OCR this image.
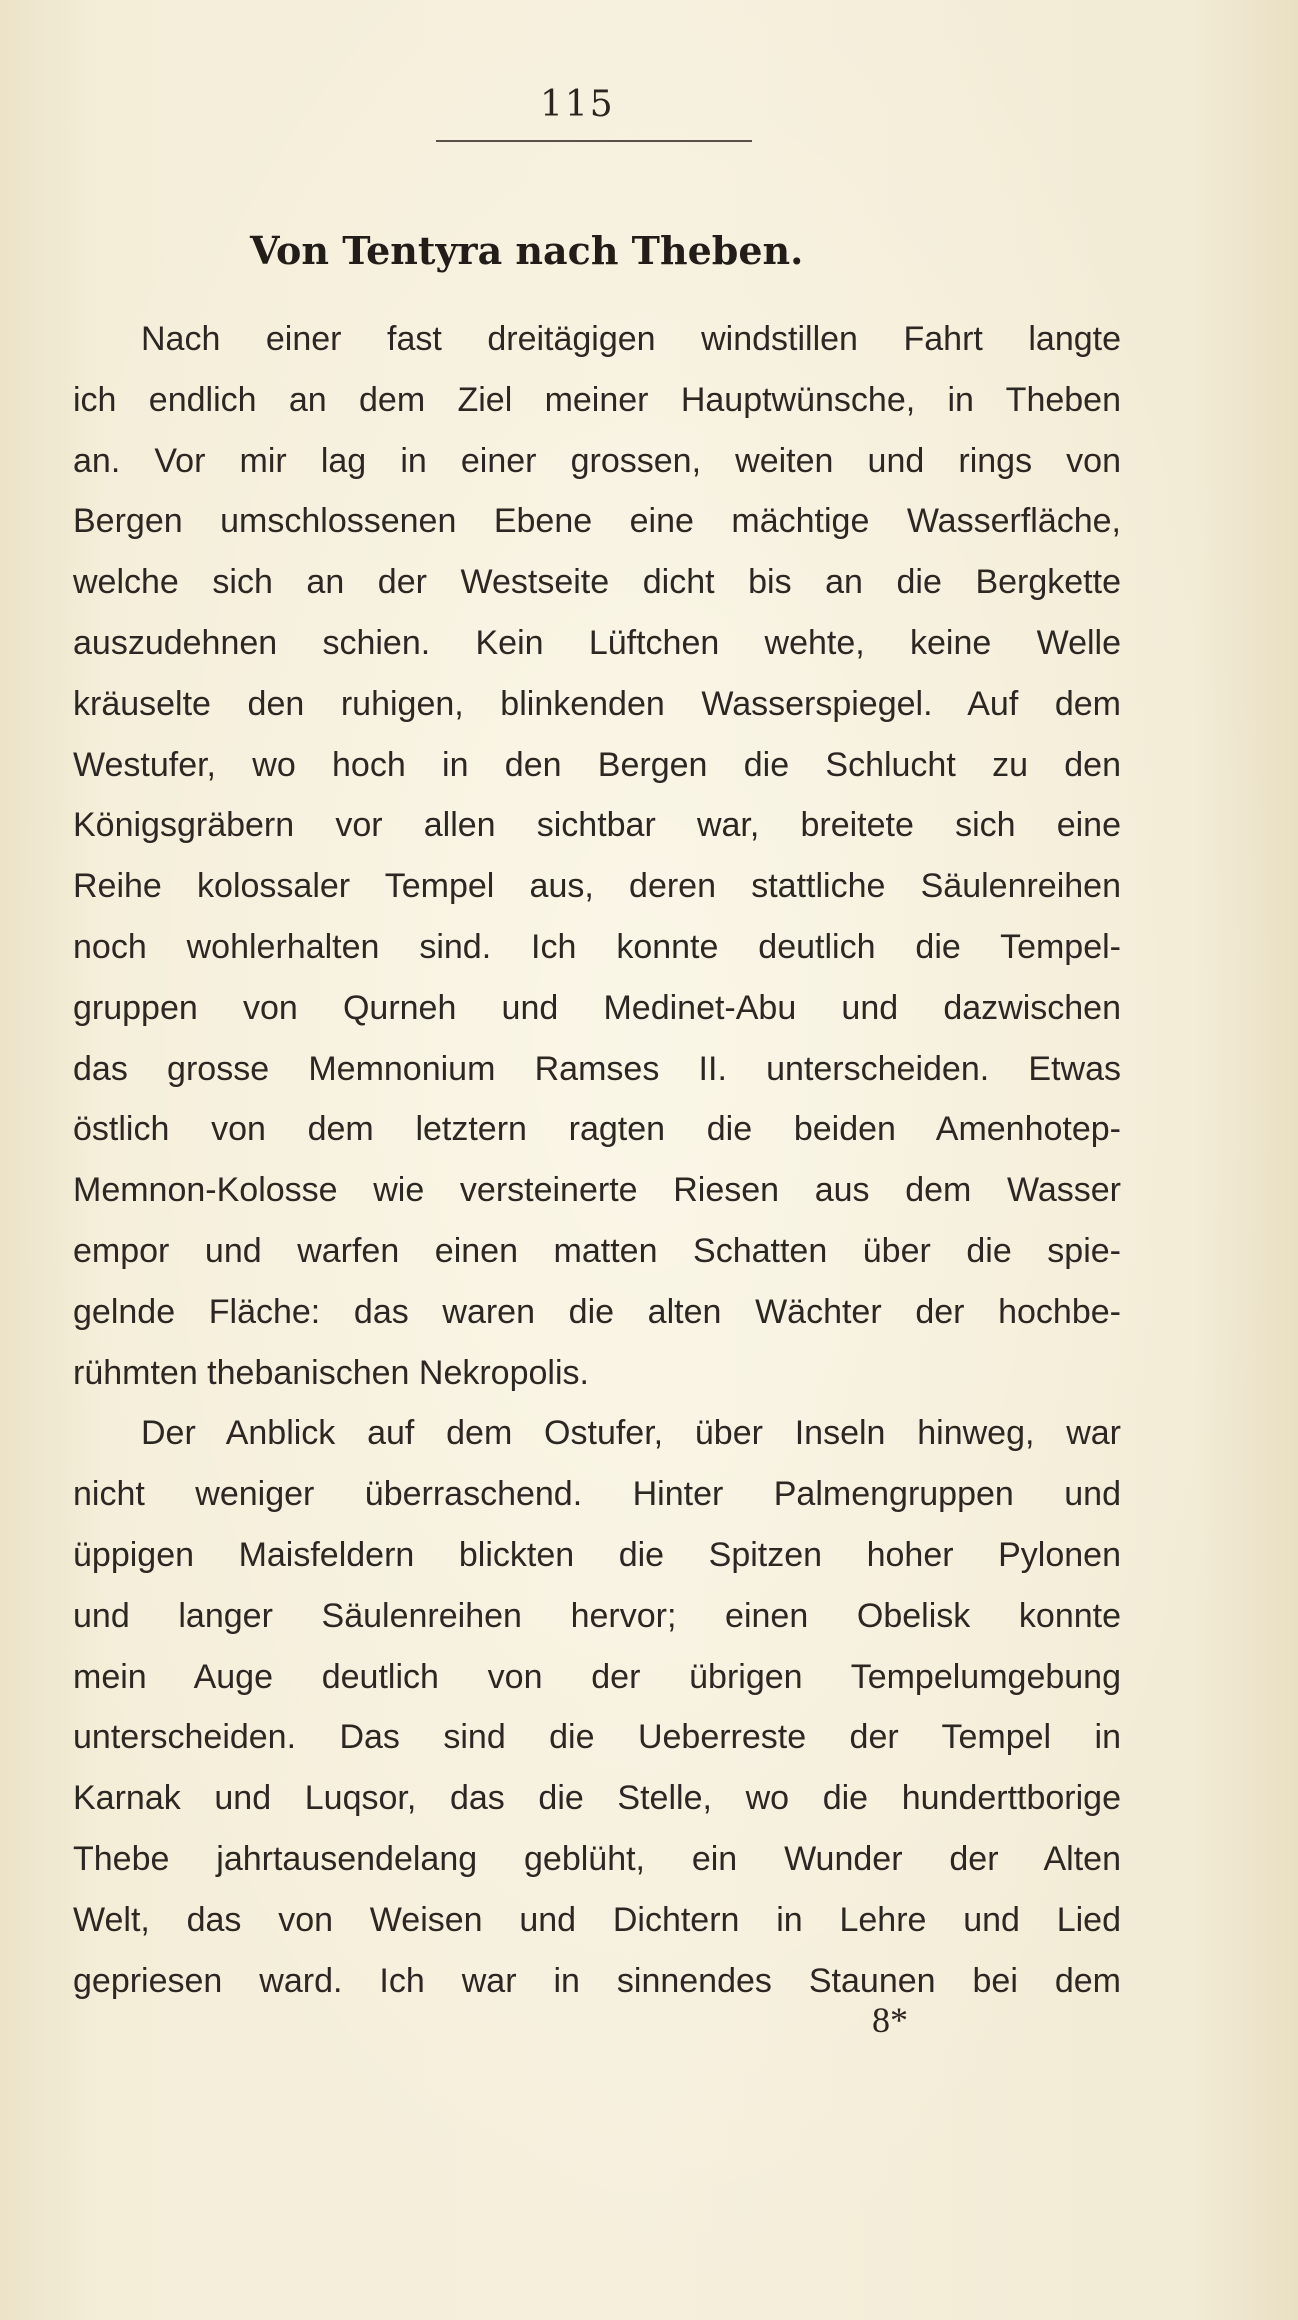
115
Von Tentyra nach Theben.
Nach einer fast dreitägigen windstillen Fahrt langte
ich endlich an dem Ziel meiner Hauptwünsche, in Theben
an. Vor mir lag in einer grossen, weiten und rings von
Bergen umschlossenen Ebene eine mächtige Wasserfläche,
welche sich an der Westseite dicht bis an die Bergkette
auszudehnen schien. Kein Lüftchen wehte, keine Welle
kräuselte den ruhigen, blinkenden Wasserspiegel. Auf dem
Westufer, wo hoch in den Bergen die Schlucht zu den
Königsgräbern vor allen sichtbar war, breitete sich eine
Reihe kolossaler Tempel aus, deren stattliche Säulenreihen
noch wohlerhalten sind. Ich konnte deutlich die Tempel-
gruppen von Qurneh und Medinet-Abu und dazwischen
das grosse Memnonium Ramses II. unterscheiden. Etwas
östlich von dem letztern ragten die beiden Amenhotep-
Memnon-Kolosse wie versteinerte Riesen aus dem Wasser
empor und warfen einen matten Schatten über die spie-
gelnde Fläche: das waren die alten Wächter der hochbe-
rühmten thebanischen Nekropolis.
Der Anblick auf dem Ostufer, über Inseln hinweg, war
nicht weniger überraschend. Hinter Palmengruppen und
üppigen Maisfeldern blickten die Spitzen hoher Pylonen
und langer Säulenreihen hervor; einen Obelisk konnte
mein Auge deutlich von der übrigen Tempelumgebung
unterscheiden. Das sind die Ueberreste der Tempel in
Karnak und Luqsor, das die Stelle, wo die hunderttborige
Thebe jahrtausendelang geblüht, ein Wunder der Alten
Welt, das von Weisen und Dichtern in Lehre und Lied
gepriesen ward. Ich war in sinnendes Staunen bei dem
8*
